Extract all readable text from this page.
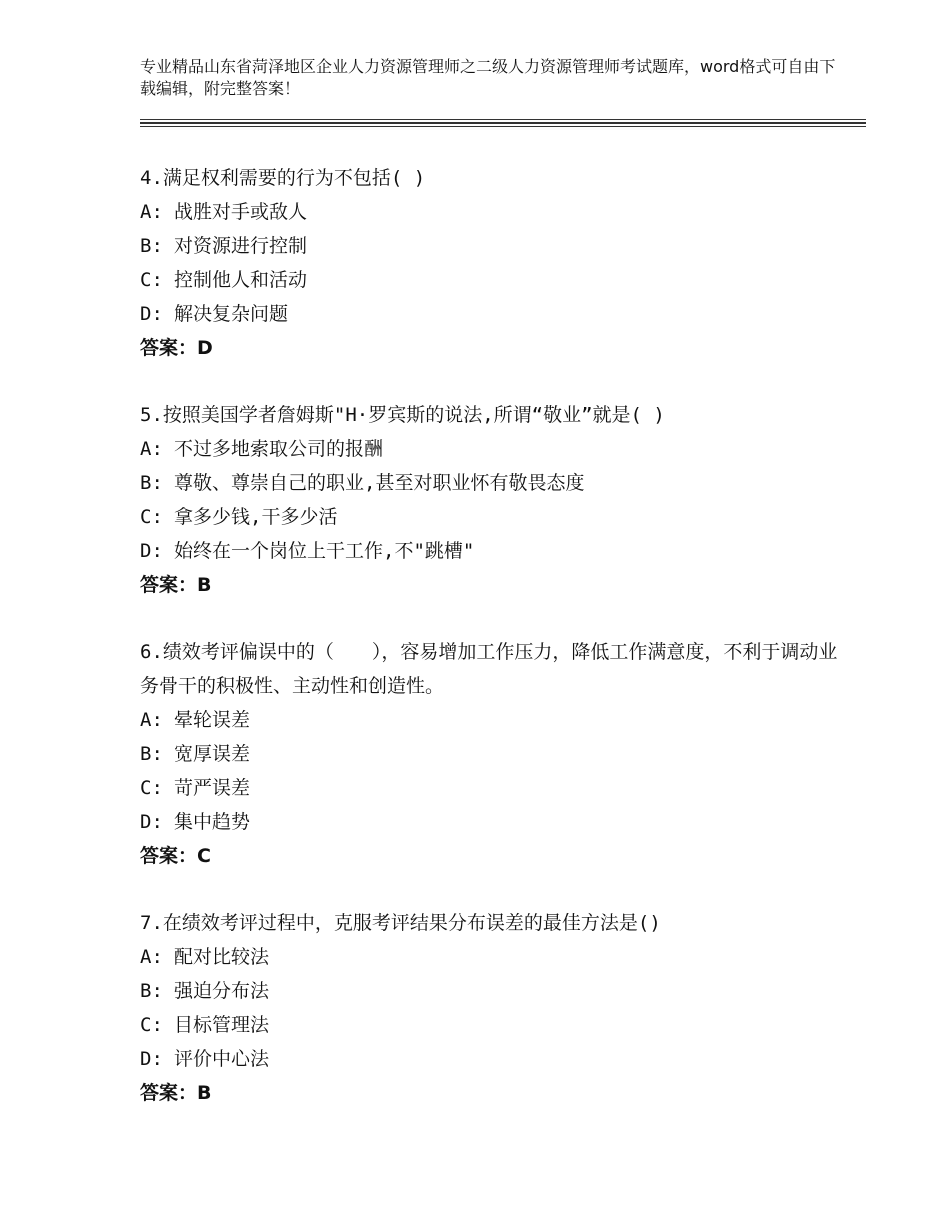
专业精品山东省菏泽地区企业人力资源管理师之二级人力资源管理师考试题库，word格式可自由下载编辑，附完整答案！
4.满足权利需要的行为不包括( )
A: 战胜对手或敌人
B: 对资源进行控制
C: 控制他人和活动
D: 解决复杂问题
答案：D
5.按照美国学者詹姆斯"H·罗宾斯的说法,所谓“敬业”就是( )
A: 不过多地索取公司的报酬
B: 尊敬、尊崇自己的职业,甚至对职业怀有敬畏态度
C: 拿多少钱,干多少活
D: 始终在一个岗位上干工作,不"跳槽"
答案：B
6.绩效考评偏误中的（　　），容易增加工作压力，降低工作满意度，不利于调动业务骨干的积极性、主动性和创造性。
A: 晕轮误差
B: 宽厚误差
C: 苛严误差
D: 集中趋势
答案：C
7.在绩效考评过程中，克服考评结果分布误差的最佳方法是()
A: 配对比较法
B: 强迫分布法
C: 目标管理法
D: 评价中心法
答案：B
